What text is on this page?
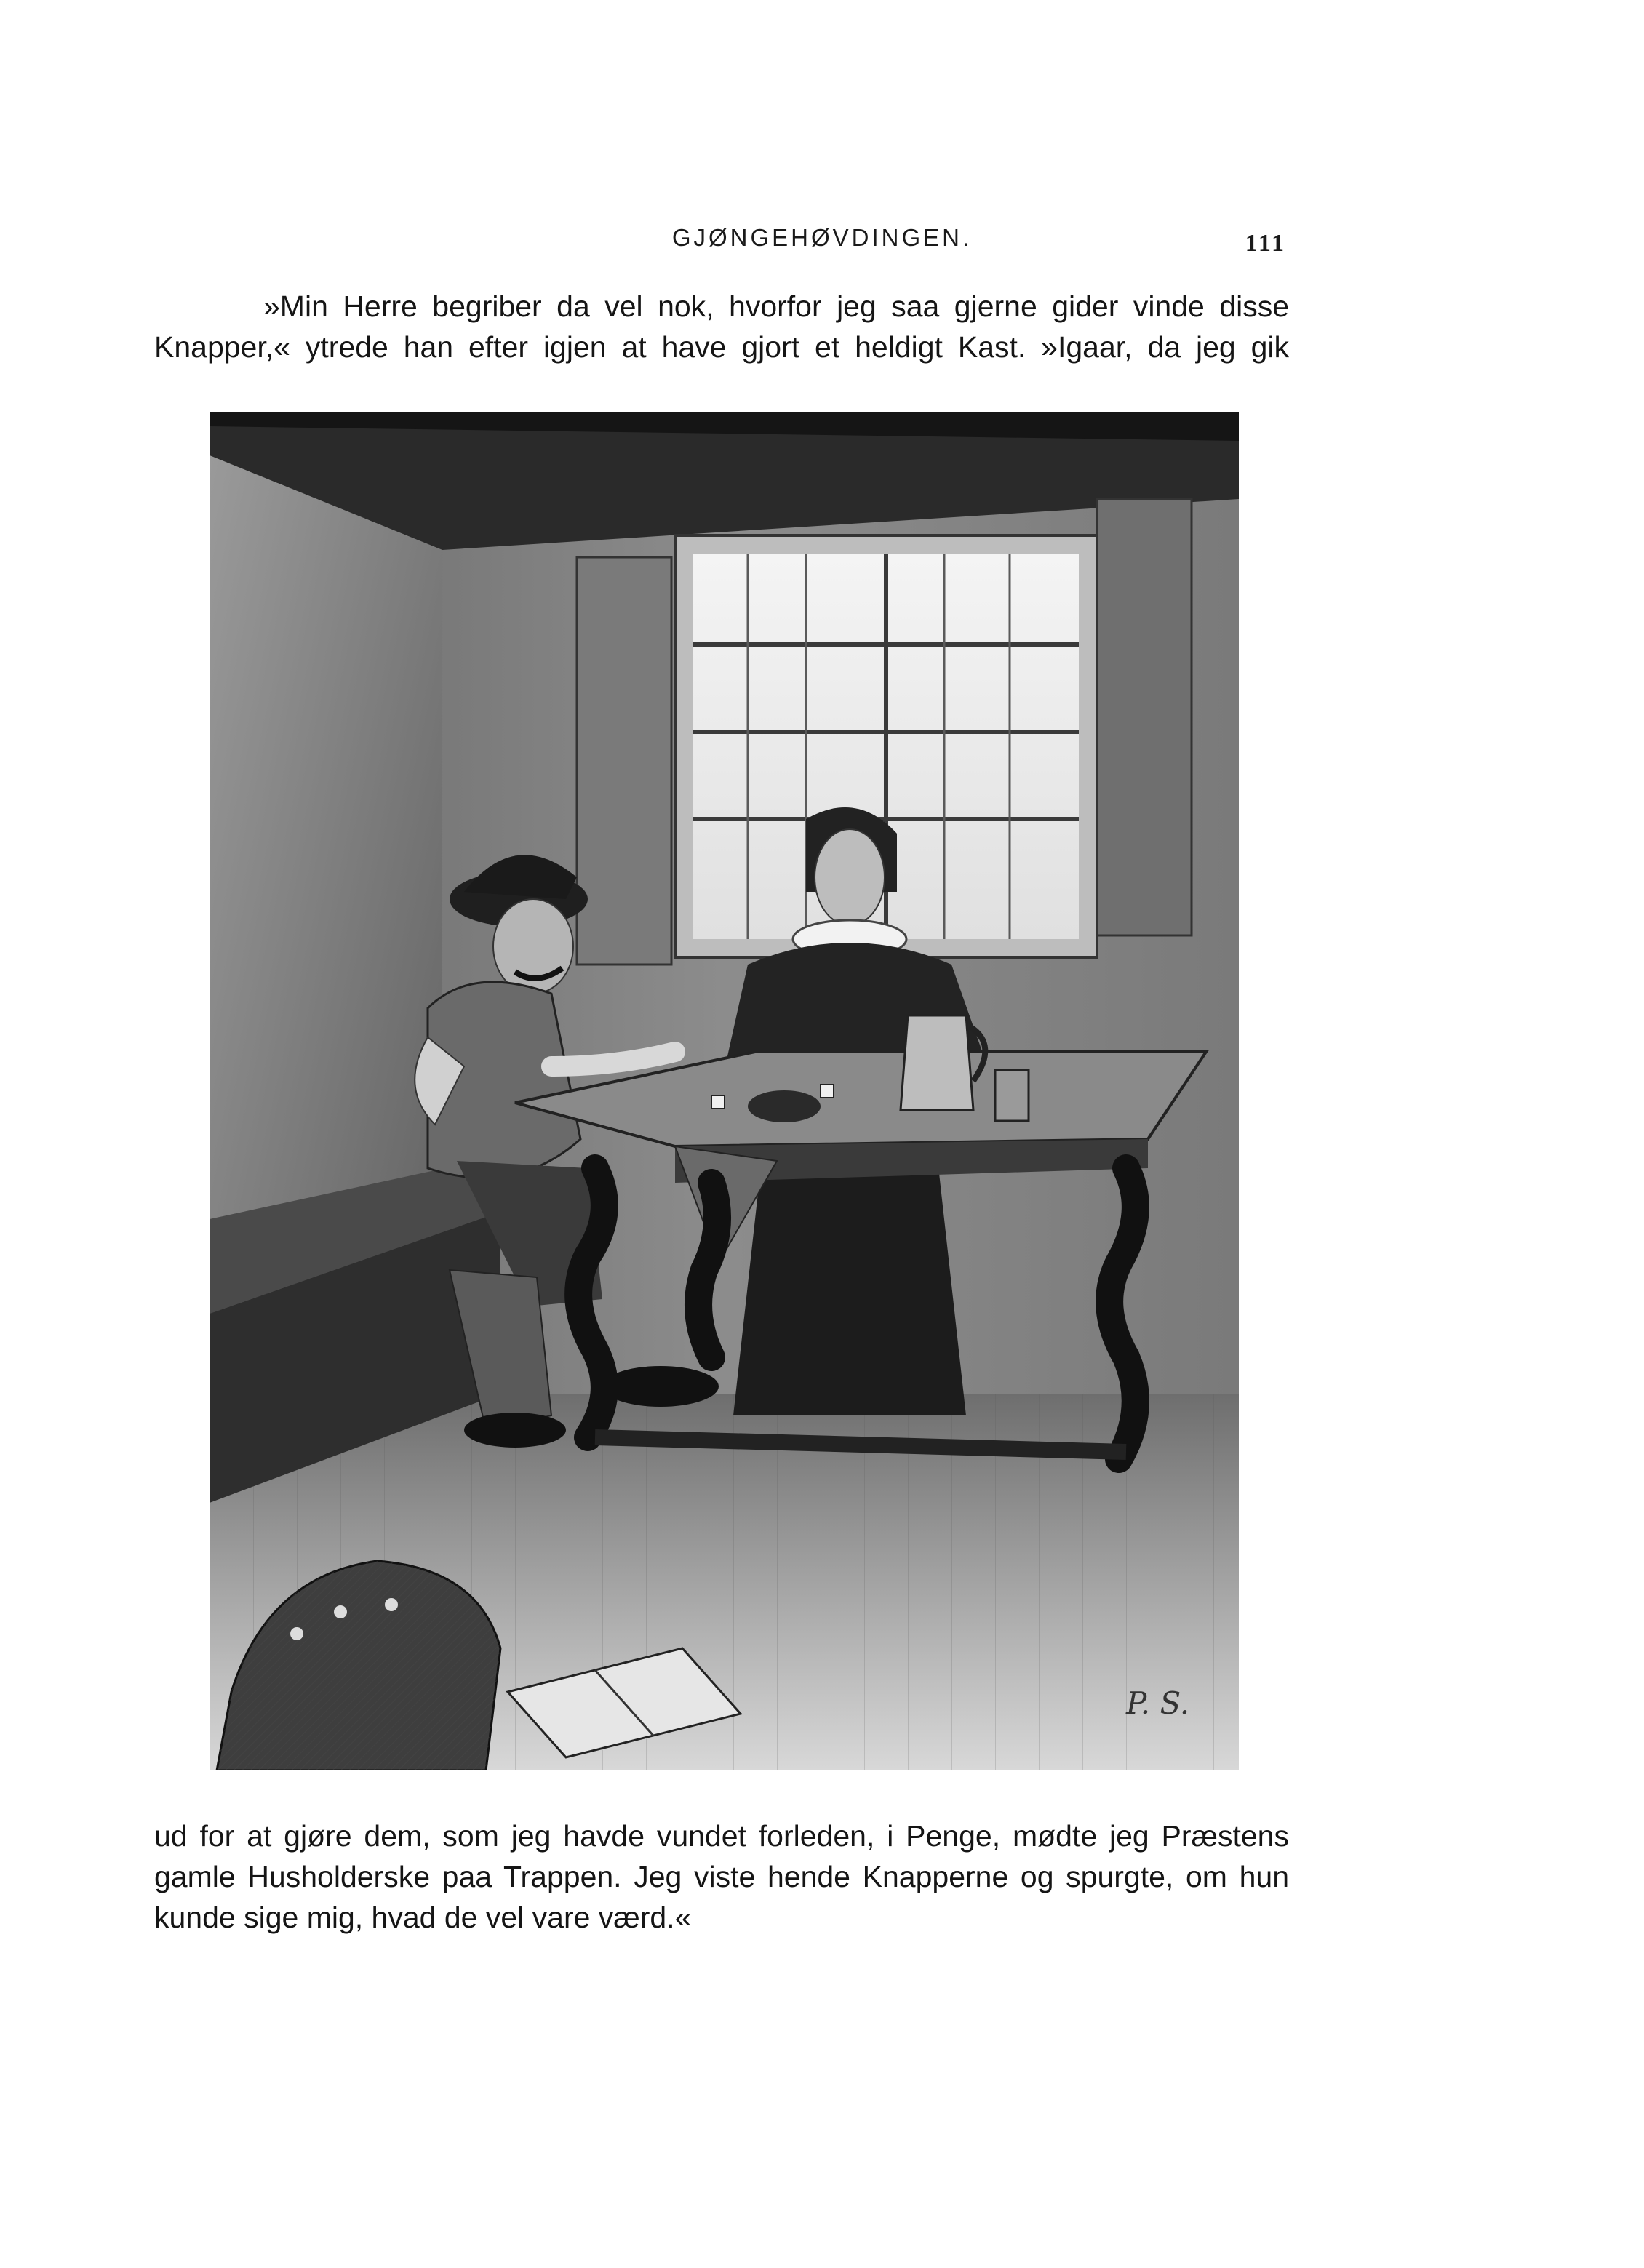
GJØNGEHØVDINGEN.	111
»Min Herre begriber da vel nok, hvorfor jeg saa gjerne gider vinde disse
Knapper,« ytrede han efter igjen at have gjort et heldigt Kast. »Igaar, da jeg gik
P. S.
ud for at gjøre dem, som jeg havde vundet forleden, i Penge, mødte jeg Præstens
gamle Husholderske paa Trappen. Jeg viste hende Knapperne og spurgte, om hun
kunde sige mig, hvad de vel vare værd.«
